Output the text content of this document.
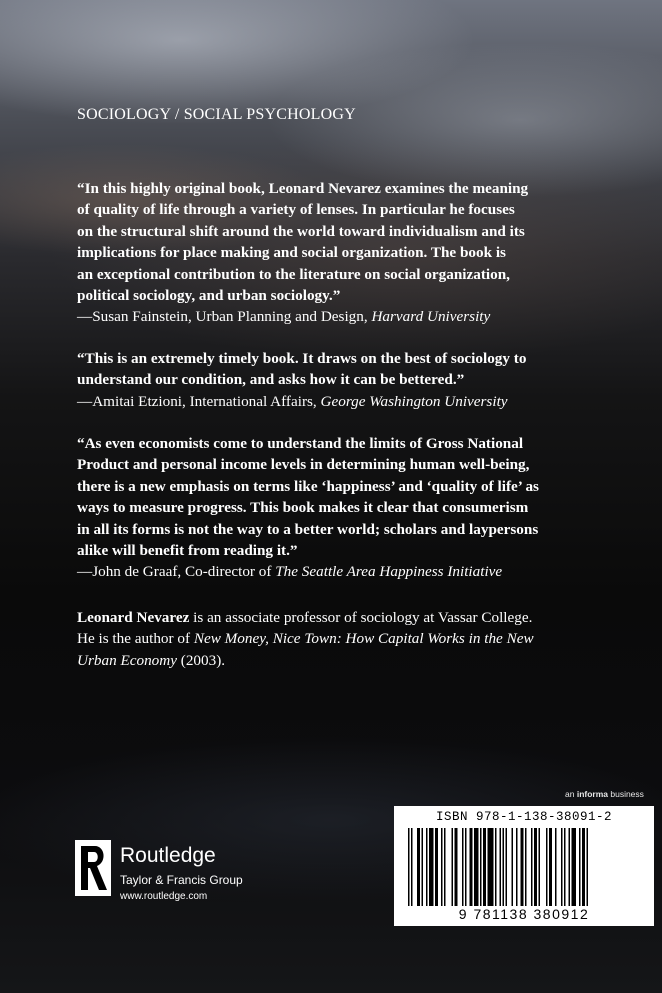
SOCIOLOGY / SOCIAL PSYCHOLOGY

“In this highly original book, Leonard Nevarez examines the meaning
of quality of life through a variety of lenses. In particular he focuses
on the structural shift around the world toward individualism and its
implications for place making and social organization. The book is
an exceptional contribution to the literature on social organization,
political sociology, and urban sociology.”

—Susan Fainstein, Urban Planning and Design, Harvard University

“This is an extremely timely book. It draws on the best of sociology to
understand our condition, and asks how it can be bettered.”

—Amitai Etzioni, International Affairs, George Washington University

“As even economists come to understand the limits of Gross National
Product and personal income levels in determining human well-being,
there is a new emphasis on terms like ‘happiness’ and ‘quality of life’ as
ways to measure progress. This book makes it clear that consumerism
in all its forms is not the way to a better world; scholars and laypersons
alike will benefit from reading it.”

—John de Graaf, Co-director of The Seattle Area Happiness Initiative

Leonard Nevarez is an associate professor of sociology at Vassar College.
He is the author of New Money, Nice Town: How Capital Works in the New
Urban Economy (2003).

an informa business
ISBN 978-1-138-38091-2
9 781138 380912
Routledge
Taylor & Francis Group
www.routledge.com
